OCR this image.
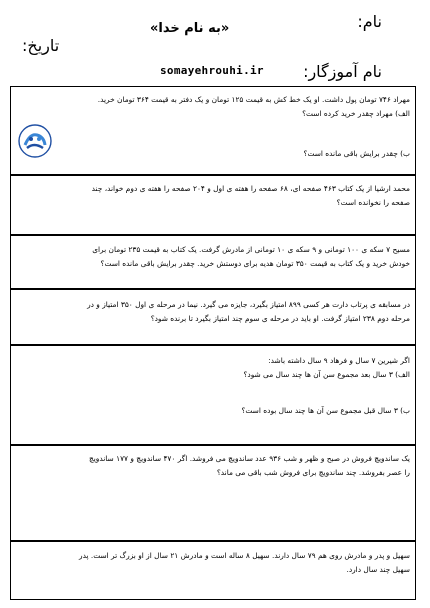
نام:
«به نام خدا»
تاریخ:
نام آموزگار:
somayehrouhi.ir

مهراد ۷۴۶ تومان پول داشت. او یک خط کش به قیمت ۱۲۵ تومان و یک دفتر به قیمت ۳۶۴ تومان خرید.

الف) مهراد چقدر خرید کرده است؟

ب) چقدر برایش باقی مانده است؟

محمد ارشیا از یک کتاب ۴۶۳ صفحه ای، ۶۸ صفحه را هفته ی اول و ۲۰۴ صفحه را هفته ی دوم خواند، چند

صفحه را نخوانده است؟

مسیح ۷ سکه ی ۱۰۰ تومانی و ۹ سکه ی ۱۰ تومانی از مادرش گرفت. یک کتاب به قیمت ۲۳۵ تومان برای

خودش خرید و یک کتاب به قیمت ۳۵۰ تومان هدیه برای دوستش خرید. چقدر برایش باقی مانده است؟

در مسابقه ی پرتاب دارت هر کسی ۸۹۹ امتیاز بگیرد، جایزه می گیرد. نیما در مرحله ی اول ۳۵۰ امتیاز و در

مرحله دوم ۲۳۸ امتیاز گرفت. او باید در مرحله ی سوم چند امتیاز بگیرد تا برنده شود؟

اگر شیرین ۷ سال و فرهاد ۹ سال داشته باشد:

الف) ۳ سال بعد مجموع سن آن ها چند سال می شود؟

ب) ۳ سال قبل مجموع سن آن ها چند سال بوده است؟

یک ساندویچ فروش در صبح و ظهر و شب ۹۳۶ عدد ساندویچ می فروشد. اگر ۴۷۰ ساندویچ و ۱۷۷ ساندویچ

را عصر بفروشد. چند ساندویچ برای فروش شب باقی می ماند؟

سهیل و پدر و مادرش روی هم ۷۹ سال دارند. سهیل ۸ ساله است و مادرش ۲۱ سال از او بزرگ تر است. پدر

سهیل چند سال دارد.
